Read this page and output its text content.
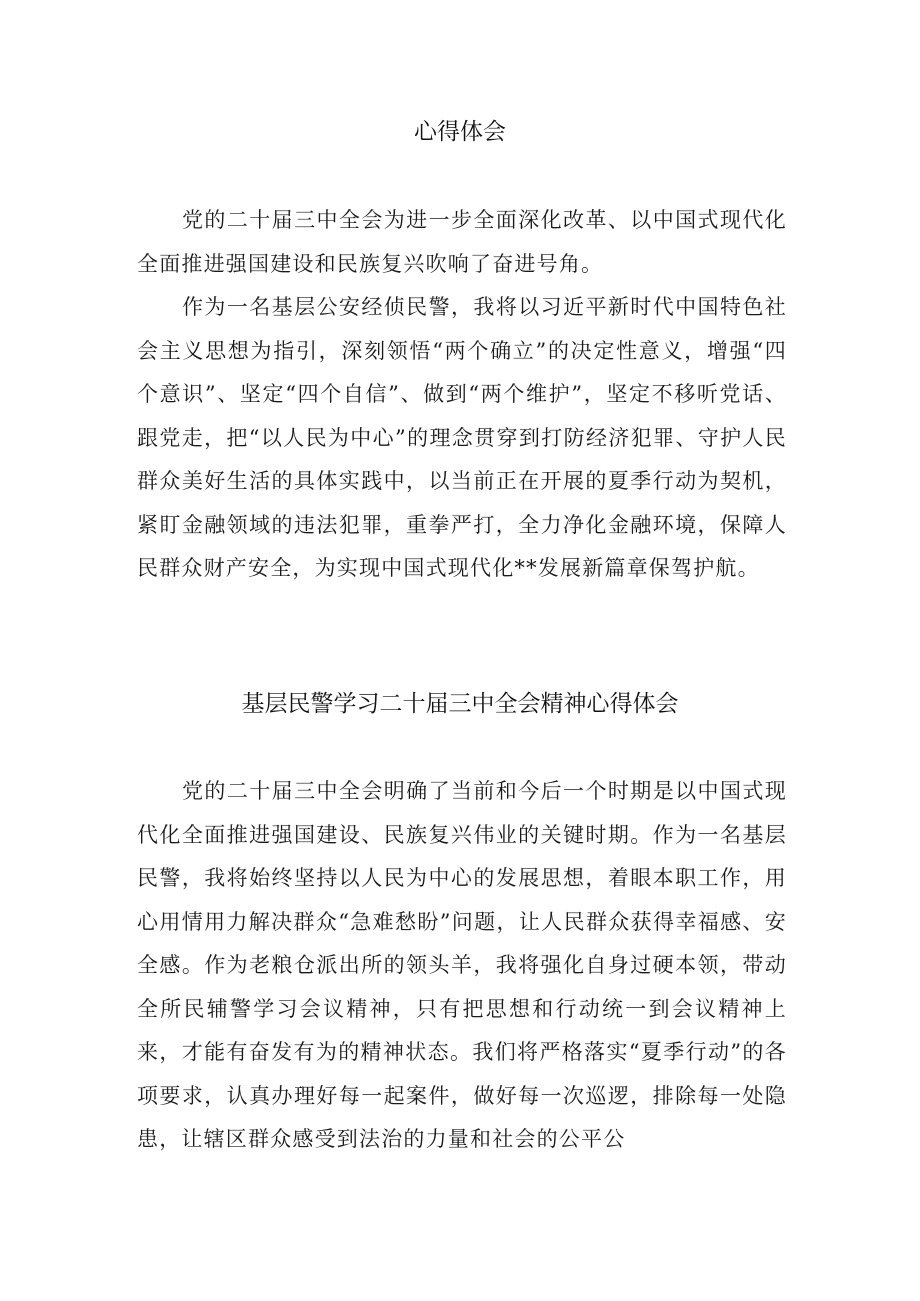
心得体会

党的二十届三中全会为进一步全面深化改革、以中国式现代化全面推进强国建设和民族复兴吹响了奋进号角。

作为一名基层公安经侦民警，我将以习近平新时代中国特色社会主义思想为指引，深刻领悟“两个确立”的决定性意义，增强“四个意识”、坚定“四个自信”、做到“两个维护”，坚定不移听党话、跟党走，把“以人民为中心”的理念贯穿到打防经济犯罪、守护人民群众美好生活的具体实践中，以当前正在开展的夏季行动为契机，紧盯金融领域的违法犯罪，重拳严打，全力净化金融环境，保障人民群众财产安全，为实现中国式现代化**发展新篇章保驾护航。

基层民警学习二十届三中全会精神心得体会

党的二十届三中全会明确了当前和今后一个时期是以中国式现代化全面推进强国建设、民族复兴伟业的关键时期。作为一名基层民警，我将始终坚持以人民为中心的发展思想，着眼本职工作，用心用情用力解决群众“急难愁盼”问题，让人民群众获得幸福感、安全感。作为老粮仓派出所的领头羊，我将强化自身过硬本领，带动全所民辅警学习会议精神，只有把思想和行动统一到会议精神上来，才能有奋发有为的精神状态。我们将严格落实“夏季行动”的各项要求，认真办理好每一起案件，做好每一次巡逻，排除每一处隐患，让辖区群众感受到法治的力量和社会的公平公
